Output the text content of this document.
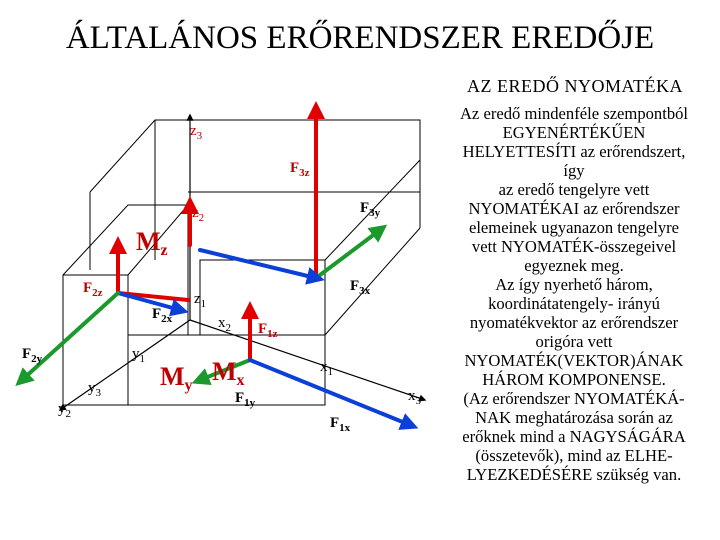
ÁLTALÁNOS ERŐRENDSZER EREDŐJE
AZ EREDŐ NYOMATÉKA
Az eredő mindenféle szempontból
EGYENÉRTÉKŰEN
HELYETTESÍTI az erőrendszert,
így
az eredő tengelyre vett
NYOMATÉKAI az erőrendszer
elemeinek ugyanazon tengelyre
vett NYOMATÉK-összegeivel
egyeznek meg.
Az így nyerhető három,
koordinátatengely- irányú
nyomatékvektor az erőrendszer
origóra vett
NYOMATÉK(VEKTOR)ÁNAK
HÁROM KOMPONENSE.
(Az erőrendszer NYOMATÉKÁ-
NAK meghatározása során az
erőknek mind a NAGYSÁGÁRA
(összetevők), mind az ELHE-
LYEZKEDÉSÉRE szükség van.
$z_3$
$z_2$
$z_1$
$x_2$
$x_1$
$x_3$
$y_1$
$y_3$
$y_2$
$F_{3z}$
$F_{3y}$
$F_{3x}$
$F_{2z}$
$F_{2x}$
$F_{2y}$
$F_{1z}$
$F_{1y}$
$F_{1x}$
Mz
My Mx
